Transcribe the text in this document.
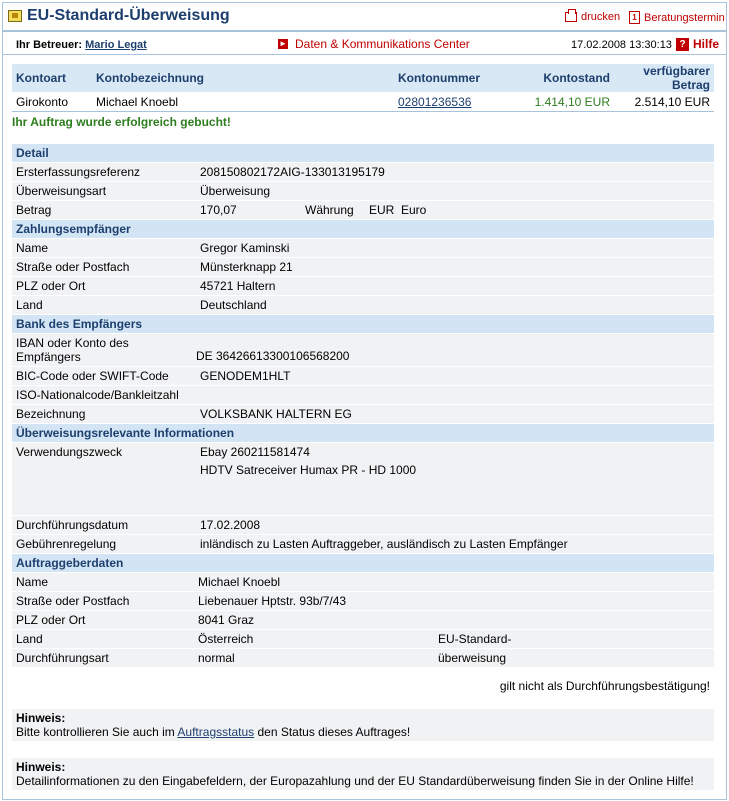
EU-Standard-Überweisung	drucken	1 Beratungstermin
Ihr Betreuer: Mario Legat	► Daten & Kommunikations Center	17.02.2008 13:30:13 ? Hilfe
Kontoart	Kontobezeichnung	Kontonummer	Kontostand	verfügbarer Betrag
Girokonto	Michael Knoebl	02801236536	1.414,10 EUR	2.514,10 EUR
Ihr Auftrag wurde erfolgreich gebucht!
Detail
Ersterfassungsreferenz	208150802172AIG-133013195179
Überweisungsart	Überweisung
Betrag	170,07	Währung	EUR  Euro
Zahlungsempfänger
Name	Gregor Kaminski
Straße oder Postfach	Münsterknapp 21
PLZ oder Ort	45721 Haltern
Land	Deutschland
Bank des Empfängers
IBAN oder Konto des Empfängers	DE 36426613300106568200
BIC-Code oder SWIFT-Code	GENODEM1HLT
ISO-Nationalcode/Bankleitzahl
Bezeichnung	VOLKSBANK HALTERN EG
Überweisungsrelevante Informationen
Verwendungszweck	Ebay 260211581474
HDTV Satreceiver Humax PR - HD 1000
Durchführungsdatum	17.02.2008
Gebührenregelung	inländisch zu Lasten Auftraggeber, ausländisch zu Lasten Empfänger
Auftraggeberdaten
Name	Michael Knoebl
Straße oder Postfach	Liebenauer Hptstr. 93b/7/43
PLZ oder Ort	8041 Graz
Land	Österreich	EU-Standard-
Durchführungsart	normal	überweisung
gilt nicht als Durchführungsbestätigung!
Hinweis:
Bitte kontrollieren Sie auch im Auftragsstatus den Status dieses Auftrages!
Hinweis:
Detailinformationen zu den Eingabefeldern, der Europazahlung und der EU Standardüberweisung finden Sie in der Online Hilfe!
